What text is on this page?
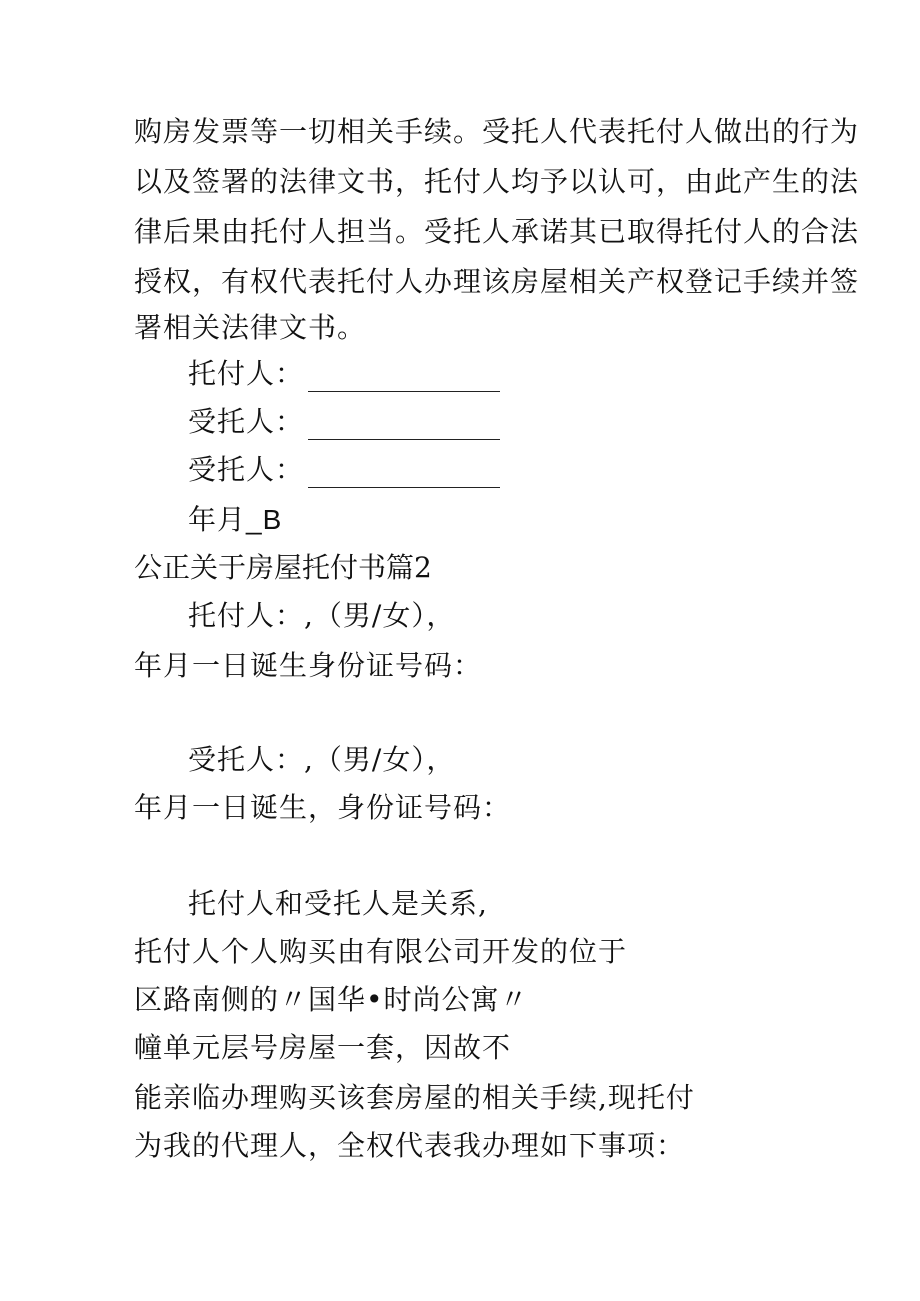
购房发票等一切相关手续。受托人代表托付人做出的行为
以及签署的法律文书，托付人均予以认可，由此产生的法
律后果由托付人担当。受托人承诺其已取得托付人的合法
授权，有权代表托付人办理该房屋相关产权登记手续并签
署相关法律文书。
托付人：
受托人：
受托人：
年月_B
公正关于房屋托付书篇2
托付人：,（男/女），
年月一日诞生身份证号码：
受托人：,（男/女），
年月一日诞生，身份证号码：
托付人和受托人是关系,
托付人个人购买由有限公司开发的位于
区路南侧的〃国华•时尚公寓〃
幢单元层号房屋一套，因故不
能亲临办理购买该套房屋的相关手续,现托付
为我的代理人，全权代表我办理如下事项：
